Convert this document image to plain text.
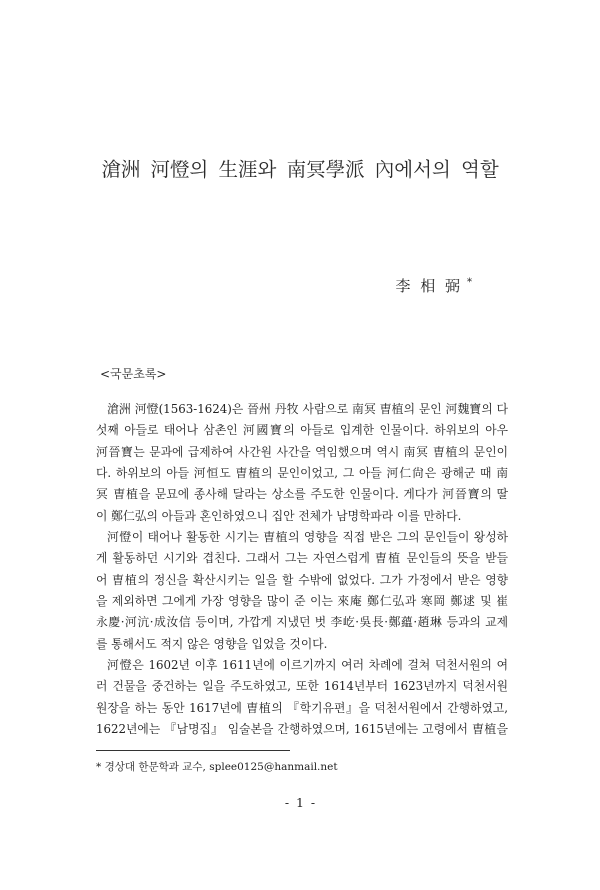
滄洲 河憕의 生涯와 南冥學派 內에서의 역할
李 相 弼 *
<국문초록>
滄洲 河憕(1563-1624)은 晉州 丹牧 사람으로 南冥 曺植의 문인 河魏寶의 다
섯째 아들로 태어나 삼촌인 河國寶의 아들로 입계한 인물이다. 하위보의 아우
河晉寶는 문과에 급제하여 사간원 사간을 역임했으며 역시 南冥 曺植의 문인이
다. 하위보의 아들 河恒도 曺植의 문인이었고, 그 아들 河仁尙은 광해군 때 南
冥 曺植을 문묘에 종사해 달라는 상소를 주도한 인물이다. 게다가 河晉寶의 딸
이 鄭仁弘의 아들과 혼인하였으니 집안 전체가 남명학파라 이를 만하다.
河憕이 태어나 활동한 시기는 曺植의 영향을 직접 받은 그의 문인들이 왕성하
게 활동하던 시기와 겹친다. 그래서 그는 자연스럽게 曺植 문인들의 뜻을 받들
어 曺植의 정신을 확산시키는 일을 할 수밖에 없었다. 그가 가정에서 받은 영향
을 제외하면 그에게 가장 영향을 많이 준 이는 來庵 鄭仁弘과 寒岡 鄭逑 및 崔
永慶·河沆·成汝信 등이며, 가깝게 지냈던 벗 李屹·吳長·鄭蘊·趙琳 등과의 교제
를 통해서도 적지 않은 영향을 입었을 것이다.
河憕은 1602년 이후 1611년에 이르기까지 여러 차례에 걸쳐 덕천서원의 여
러 건물을 중건하는 일을 주도하였고, 또한 1614년부터 1623년까지 덕천서원
원장을 하는 동안 1617년에 曺植의 『학기유편』을 덕천서원에서 간행하였고,
1622년에는 『남명집』 임술본을 간행하였으며, 1615년에는 고령에서 曺植을
* 경상대 한문학과 교수, splee0125@hanmail.net
- 1 -
